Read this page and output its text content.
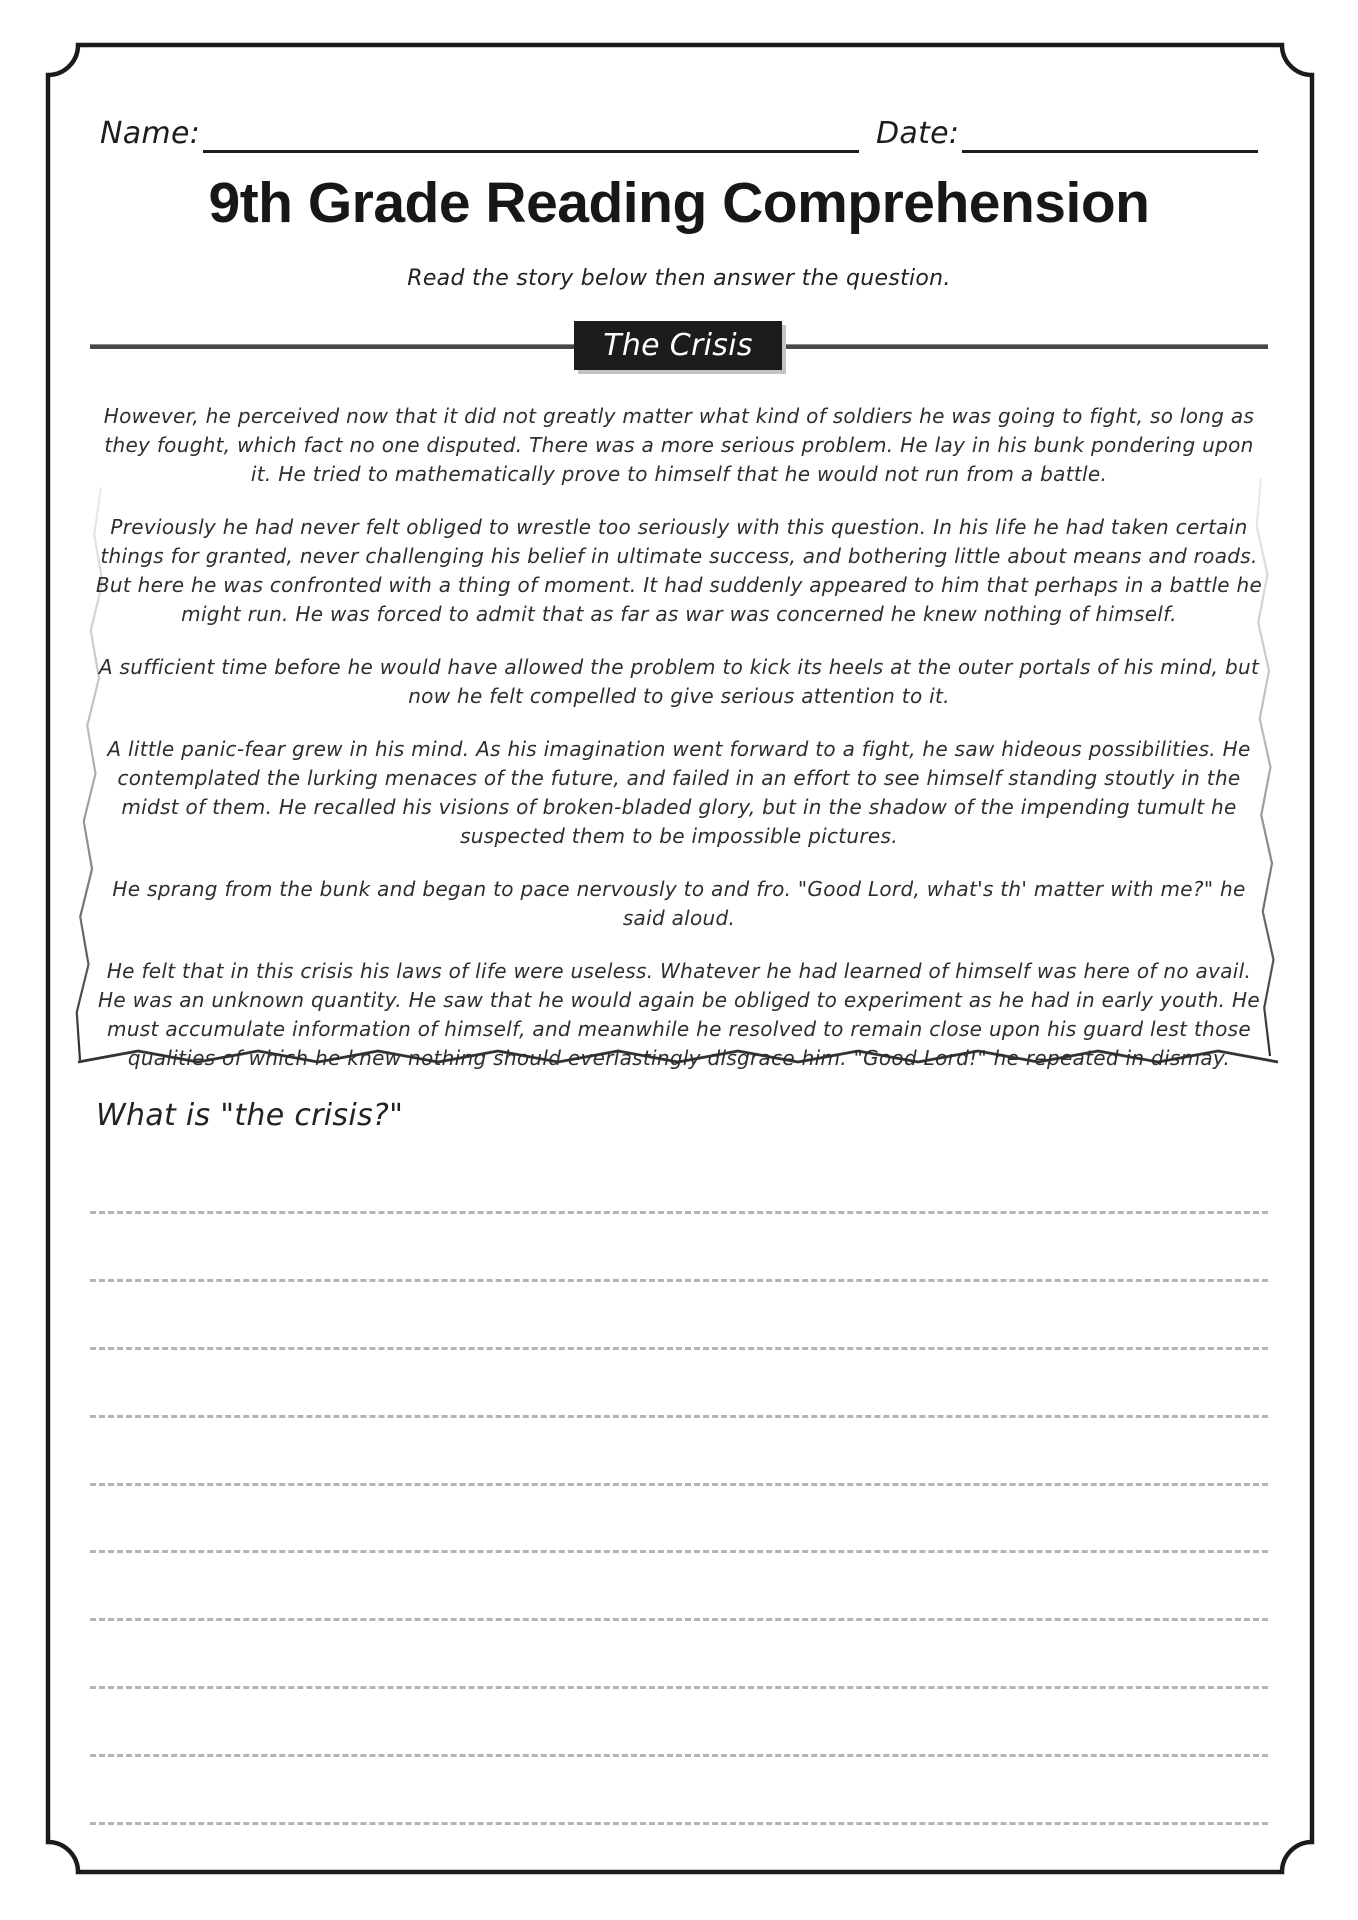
Name:	Date:
9th Grade Reading Comprehension
Read the story below then answer the question.
The Crisis

However, he perceived now that it did not greatly matter what kind of soldiers he was going to fight, so long as they fought, which fact no one disputed. There was a more serious problem. He lay in his bunk pondering upon it. He tried to mathematically prove to himself that he would not run from a battle.

Previously he had never felt obliged to wrestle too seriously with this question. In his life he had taken certain things for granted, never challenging his belief in ultimate success, and bothering little about means and roads. But here he was confronted with a thing of moment. It had suddenly appeared to him that perhaps in a battle he might run. He was forced to admit that as far as war was concerned he knew nothing of himself.

A sufficient time before he would have allowed the problem to kick its heels at the outer portals of his mind, but now he felt compelled to give serious attention to it.

A little panic-fear grew in his mind. As his imagination went forward to a fight, he saw hideous possibilities. He contemplated the lurking menaces of the future, and failed in an effort to see himself standing stoutly in the midst of them. He recalled his visions of broken-bladed glory, but in the shadow of the impending tumult he suspected them to be impossible pictures.

He sprang from the bunk and began to pace nervously to and fro. "Good Lord, what's th' matter with me?" he said aloud.

He felt that in this crisis his laws of life were useless. Whatever he had learned of himself was here of no avail. He was an unknown quantity. He saw that he would again be obliged to experiment as he had in early youth. He must accumulate information of himself, and meanwhile he resolved to remain close upon his guard lest those qualities of which he knew nothing should everlastingly disgrace him. "Good Lord!" he repeated in dismay.

What is "the crisis?"
